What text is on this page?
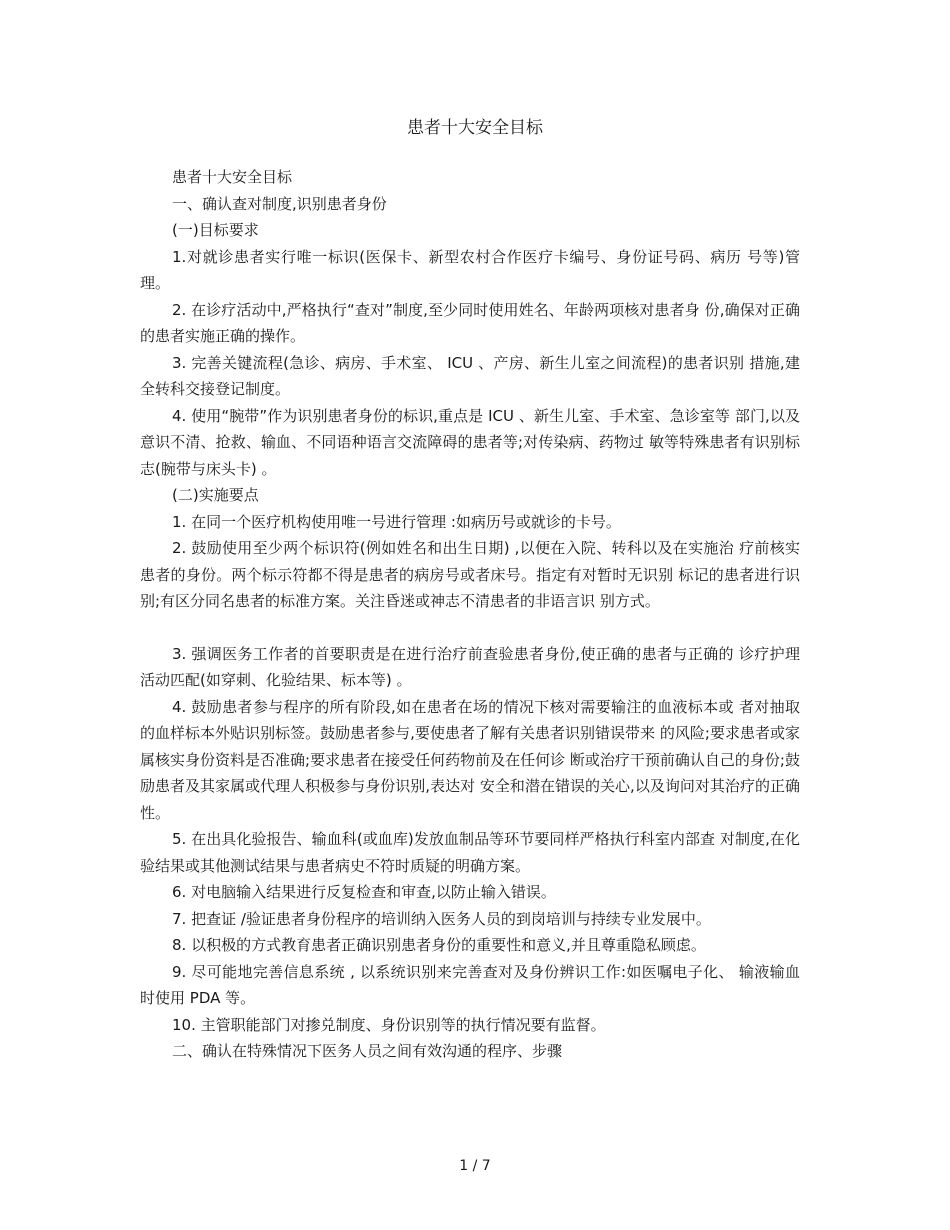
患者十大安全目标

患者十大安全目标

一、确认查对制度,识别患者身份

(一)目标要求

1.对就诊患者实行唯一标识(医保卡、新型农村合作医疗卡编号、身份证号码、病历 号等)管理。

2. 在诊疗活动中,严格执行“查对”制度,至少同时使用姓名、年龄两项核对患者身 份,确保对正确的患者实施正确的操作。

3. 完善关键流程(急诊、病房、手术室、 ICU 、产房、新生儿室之间流程)的患者识别 措施,建全转科交接登记制度。

4. 使用“腕带”作为识别患者身份的标识,重点是 ICU 、新生儿室、手术室、急诊室等 部门,以及意识不清、抢救、输血、不同语种语言交流障碍的患者等;对传染病、药物过 敏等特殊患者有识别标志(腕带与床头卡) 。

(二)实施要点

1. 在同一个医疗机构使用唯一号进行管理 :如病历号或就诊的卡号。

2. 鼓励使用至少两个标识符(例如姓名和出生日期) ,以便在入院、转科以及在实施治 疗前核实患者的身份。两个标示符都不得是患者的病房号或者床号。指定有对暂时无识别 标记的患者进行识别;有区分同名患者的标准方案。关注昏迷或神志不清患者的非语言识 别方式。

3. 强调医务工作者的首要职责是在进行治疗前查验患者身份,使正确的患者与正确的 诊疗护理活动匹配(如穿刺、化验结果、标本等) 。

4. 鼓励患者参与程序的所有阶段,如在患者在场的情况下核对需要输注的血液标本或 者对抽取的血样标本外贴识别标签。鼓励患者参与,要使患者了解有关患者识别错误带来 的风险;要求患者或家属核实身份资料是否准确;要求患者在接受任何药物前及在任何诊 断或治疗干预前确认自己的身份;鼓励患者及其家属或代理人积极参与身份识别,表达对 安全和潜在错误的关心,以及询问对其治疗的正确性。

5. 在出具化验报告、输血科(或血库)发放血制品等环节要同样严格执行科室内部查 对制度,在化验结果或其他测试结果与患者病史不符时质疑的明确方案。

6. 对电脑输入结果进行反复检查和审查,以防止输入错误。

7. 把查证 /验证患者身份程序的培训纳入医务人员的到岗培训与持续专业发展中。

8. 以积极的方式教育患者正确识别患者身份的重要性和意义,并且尊重隐私顾虑。

9. 尽可能地完善信息系统 , 以系统识别来完善查对及身份辨识工作:如医嘱电子化、 输液输血时使用 PDA 等。

10. 主管职能部门对掺兑制度、身份识别等的执行情况要有监督。

二、确认在特殊情况下医务人员之间有效沟通的程序、步骤

1 / 7
